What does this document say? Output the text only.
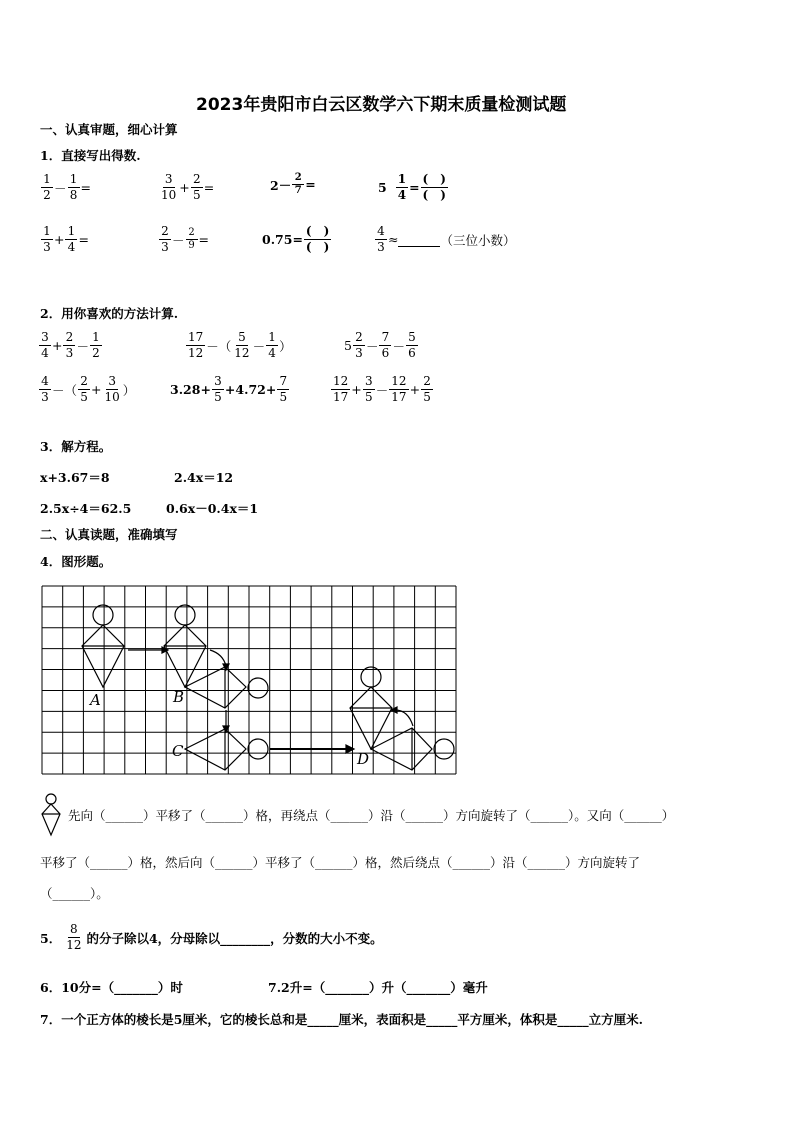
2023年贵阳市白云区数学六下期末质量检测试题
一、认真审题，细心计算
1．直接写出得数.
$\frac{1}{2} - \frac{1}{8}$ =	$\frac{3}{10} + \frac{2}{5}$ =	$2- \frac{2}{7}$ =	$5 \frac{1}{4} = \frac{( )}{( )}$
$\frac{1}{3} + \frac{1}{4}$ =	$\frac{2}{3} - \frac{2}{9}$ =	$0.75= \frac{( )}{( )}$	$\frac{4}{3}$ ≈	（三位小数）
2．用你喜欢的方法计算.
$\frac{3}{4} + \frac{2}{3} - \frac{1}{2}$	$\frac{17}{12}$ －（ $\frac{5}{12} - \frac{1}{4}$ ）	$5 \frac{2}{3} - \frac{7}{6} - \frac{5}{6}$
$\frac{4}{3}$ －（ $\frac{2}{5} + \frac{3}{10}$ ）	$3.28+ \frac{3}{5} +4.72+ \frac{7}{5}$	$\frac{12}{17} + \frac{3}{5} - \frac{12}{17} + \frac{2}{5}$
3．解方程。
x+3.67＝8	2.4x＝12
2.5x÷4＝62.5	0.6x－0.4x＝1
二、认真读题，准确填写
4．图形题。
A	B
C	D
先向（______）平移了（______）格，再绕点（______）沿（______）方向旋转了（______）。又向（______）
平移了（______）格，然后向（______）平移了（______）格，然后绕点（______）沿（______）方向旋转了
（______）。
5． $\frac{8}{12}$ 的分子除以4，分母除以________，分数的大小不变。
6．10分=（_______）时	7.2升=（_______）升（_______）毫升
7．一个正方体的棱长是5厘米，它的棱长总和是_____厘米，表面积是_____平方厘米，体积是_____立方厘米.
